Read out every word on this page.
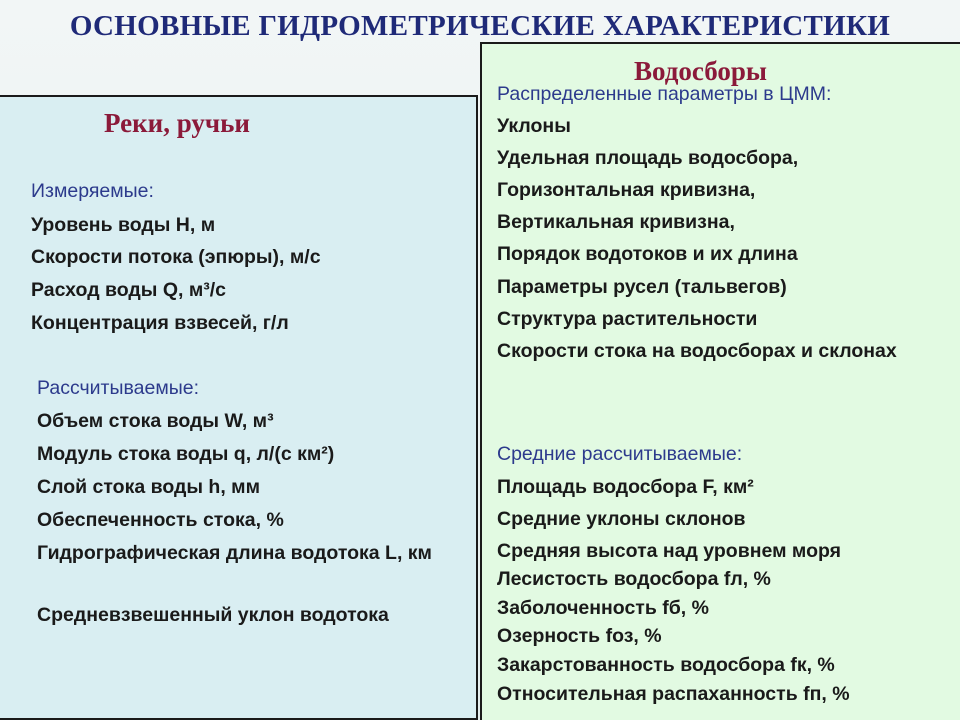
ОСНОВНЫЕ ГИДРОМЕТРИЧЕСКИЕ ХАРАКТЕРИСТИКИ
Реки, ручьи
Измеряемые:
Уровень воды H, м
Скорости потока (эпюры), м/с
Расход воды Q, м³/с
Концентрация взвесей, г/л
Рассчитываемые:
Объем стока воды W, м³
Модуль стока воды q, л/(с км²)
Слой стока воды h, мм
Обеспеченность стока, %
Гидрографическая длина водотока L, км
Средневзвешенный уклон водотока
Водосборы
Распределенные параметры в ЦММ:
Уклоны
Удельная площадь водосбора,
Горизонтальная кривизна,
Вертикальная кривизна,
Порядок водотоков и их длина
Параметры русел (тальвегов)
Структура растительности
Скорости стока на водосборах и склонах
Средние рассчитываемые:
Площадь водосбора F, км²
Средние уклоны склонов
Средняя высота над уровнем моря
Лесистость водосбора fл, %
Заболоченность fб, %
Озерность fоз, %
Закарстованность водосбора fк, %
Относительная распаханность fп, %
